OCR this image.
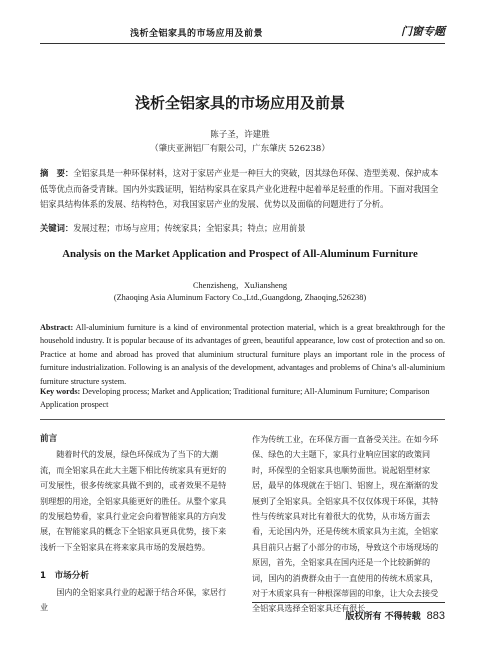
浅析全铝家具的市场应用及前景	门窗专题
浅析全铝家具的市场应用及前景
陈子圣，许建胜
（肇庆亚洲铝厂有限公司，广东肇庆 526238）
摘　要：全铝家具是一种环保材料，这对于家居产业是一种巨大的突破，因其绿色环保、造型美观、保护成本低等优点而备受青睐。国内外实践证明，铝结构家具在家具产业化进程中起着举足轻重的作用。下面对我国全铝家具结构体系的发展、结构特色，对我国家居产业的发展、优势以及面临的问题进行了分析。
关键词：发展过程；市场与应用；传统家具；全铝家具；特点；应用前景
Analysis on the Market Application and Prospect of All-Aluminum Furniture
Chenzisheng，XuJiansheng
(Zhaoqing Asia Aluminum Factory Co.,Ltd.,Guangdong, Zhaoqing,526238)
Abstract: All-aluminium furniture is a kind of environmental protection material, which is a great breakthrough for the household industry. It is popular because of its advantages of green, beautiful appearance, low cost of protection and so on. Practice at home and abroad has proved that aluminium structural furniture plays an important role in the process of furniture industrialization. Following is an analysis of the development, advantages and problems of China’s all-aluminium furniture structure system.
Key words: Developing process; Market and Application; Traditional furniture; All-Aluminum Furniture; Comparison Application prospect
前言
随着时代的发展，绿色环保成为了当下的大潮流，而全铝家具在此大主题下相比传统家具有更好的可发展性，很多传统家具做不到的，或者效果不是特别理想的用途，全铝家具能更好的胜任。从整个家具的发展趋势看，家具行业定会向着智能家具的方向发展，在智能家具的概念下全铝家具更具优势，接下来浅析一下全铝家具在将来家具市场的发展趋势。
1　市场分析
国内的全铝家具行业的起源于结合环保，家居行业
作为传统工业，在环保方面一直备受关注。在如今环保、绿色的大主题下，家具行业响应国家的政策同时，环保型的全铝家具也顺势面世。说起铝型材家居，最早的体现就在于铝门、铝窗上，现在渐渐的发展到了全铝家具。全铝家具不仅仅体现于环保，其特性与传统家具对比有着很大的优势，从市场方面去看，无论国内外，还是传统木质家具为主流，全铝家具目前只占据了小部分的市场，导致这个市场现场的原因，首先，全铝家具在国内还是一个比较新鲜的词，国内的消费群众由于一直使用的传统木质家具，对于木质家具有一种根深蒂固的印象，让大众去接受全铝家具选择全铝家具还有很长
版权所有 不得转载 883
